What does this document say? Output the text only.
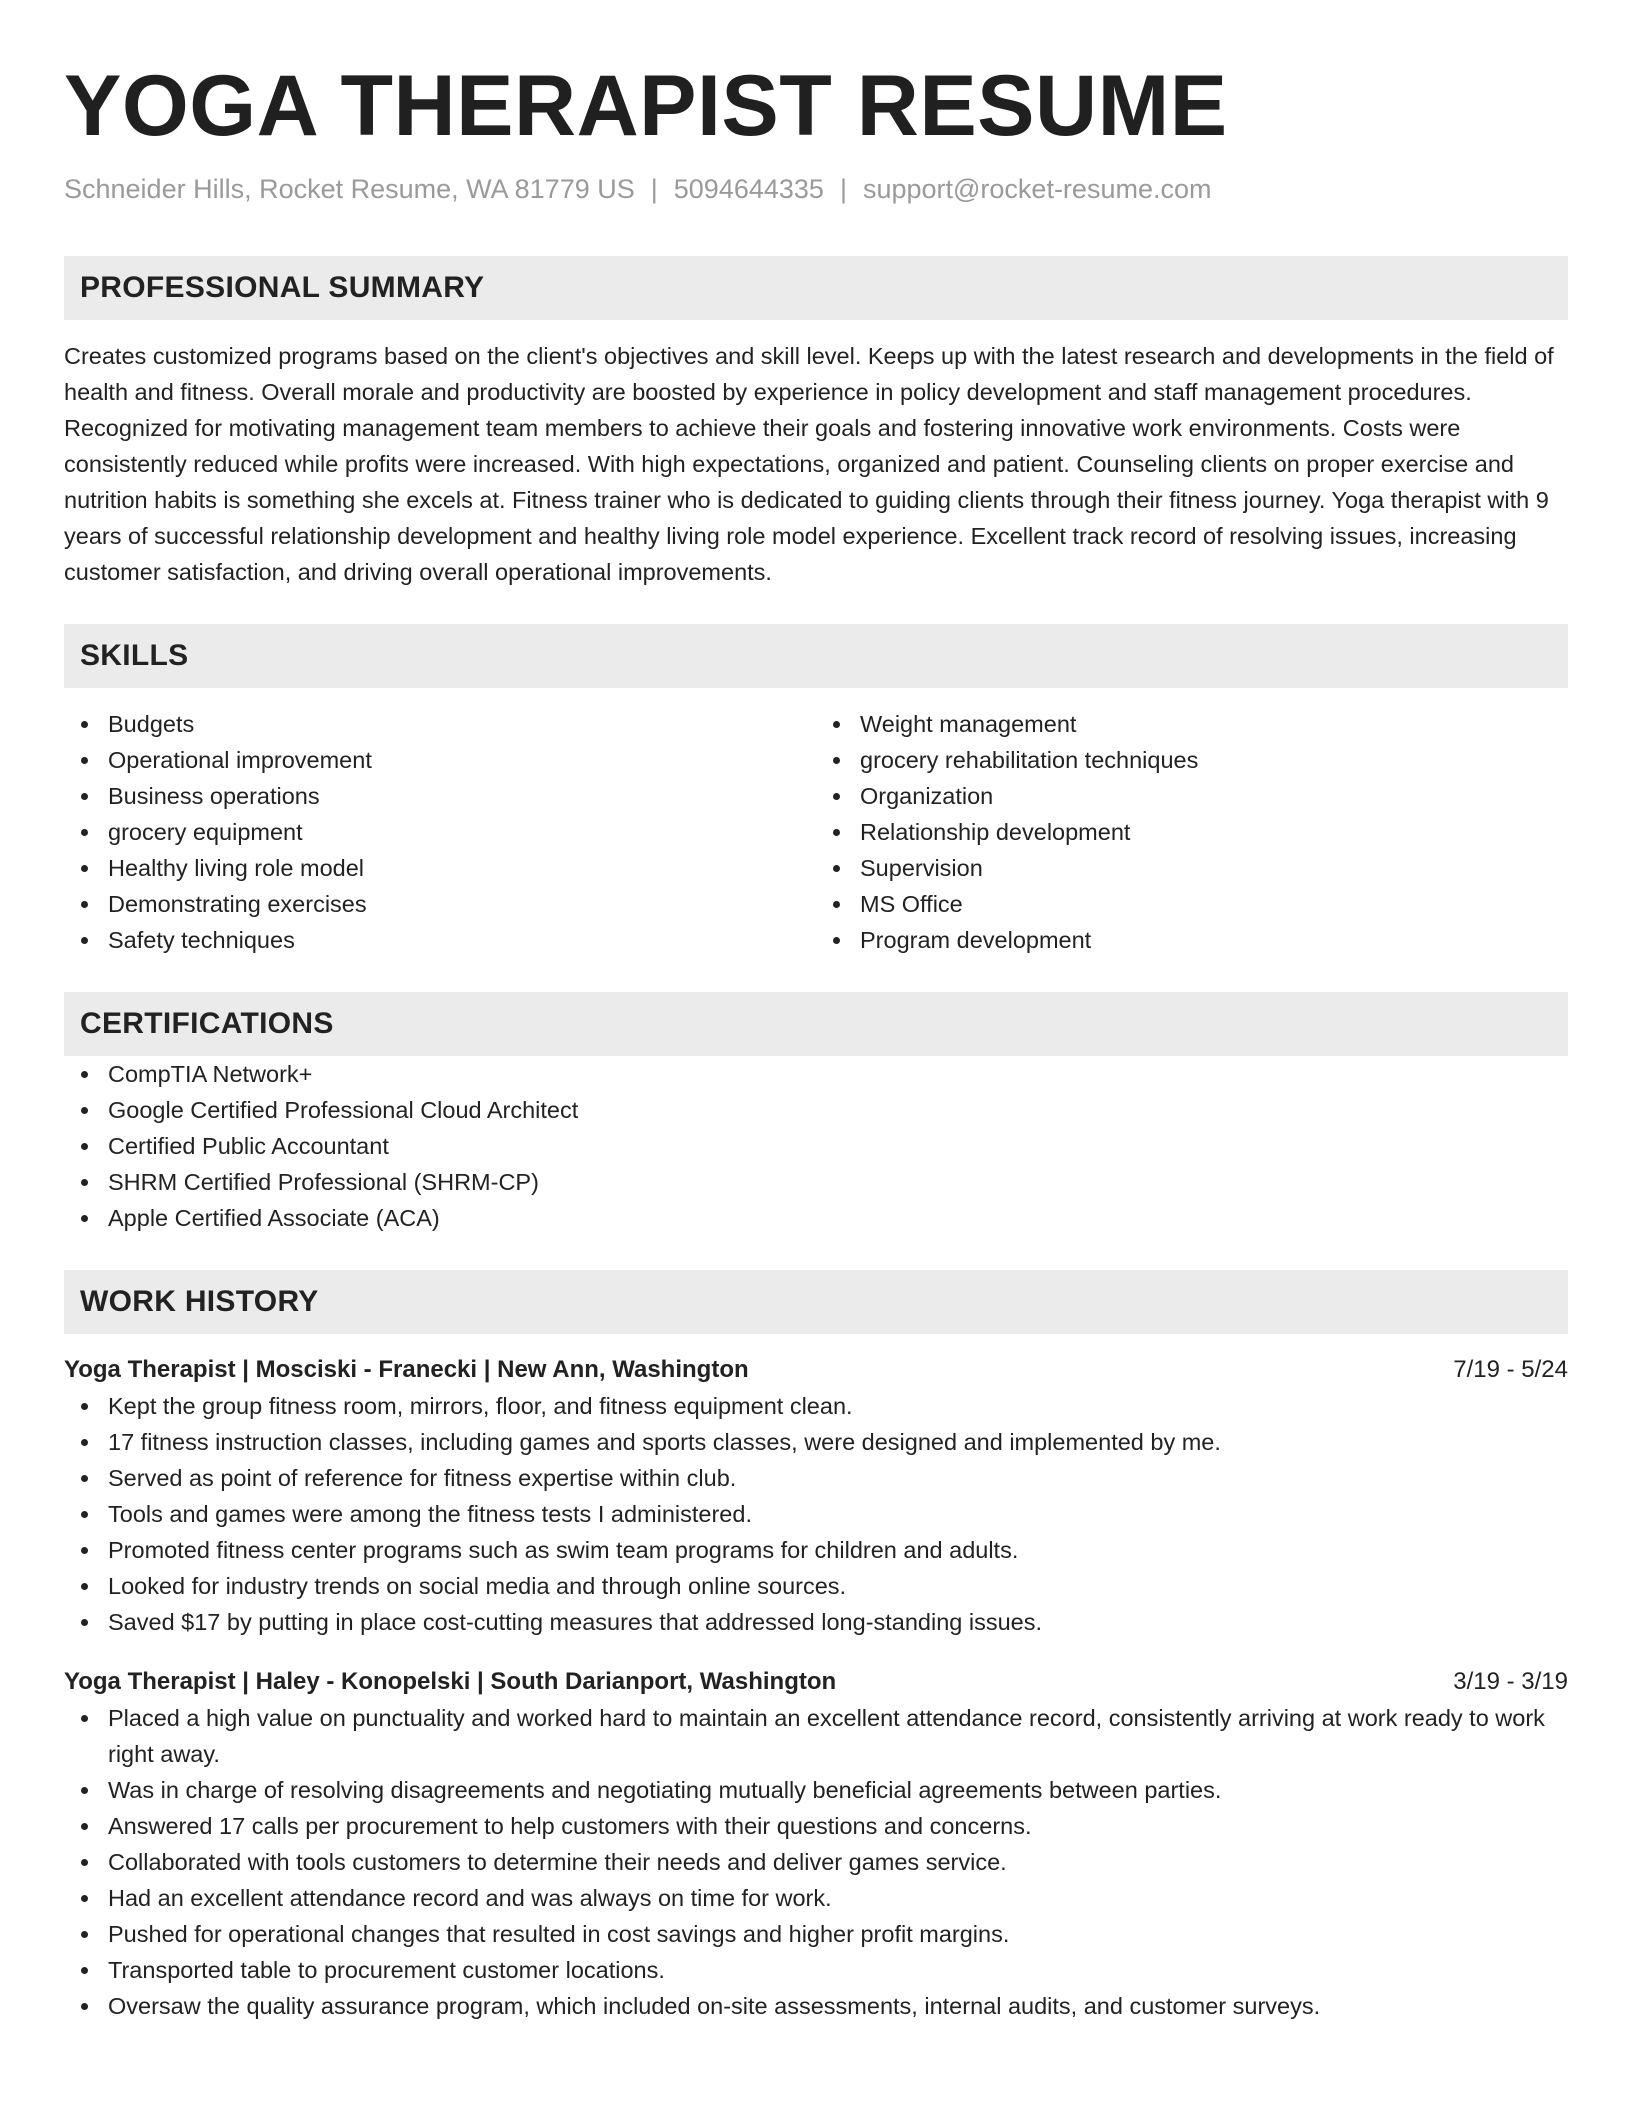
YOGA THERAPIST RESUME
Schneider Hills, Rocket Resume, WA 81779 US | 5094644335 | support@rocket-resume.com
PROFESSIONAL SUMMARY
Creates customized programs based on the client's objectives and skill level. Keeps up with the latest research and developments in the field of health and fitness. Overall morale and productivity are boosted by experience in policy development and staff management procedures. Recognized for motivating management team members to achieve their goals and fostering innovative work environments. Costs were consistently reduced while profits were increased. With high expectations, organized and patient. Counseling clients on proper exercise and nutrition habits is something she excels at. Fitness trainer who is dedicated to guiding clients through their fitness journey. Yoga therapist with 9 years of successful relationship development and healthy living role model experience. Excellent track record of resolving issues, increasing customer satisfaction, and driving overall operational improvements.
SKILLS
Budgets
Operational improvement
Business operations
grocery equipment
Healthy living role model
Demonstrating exercises
Safety techniques
Weight management
grocery rehabilitation techniques
Organization
Relationship development
Supervision
MS Office
Program development
CERTIFICATIONS
CompTIA Network+
Google Certified Professional Cloud Architect
Certified Public Accountant
SHRM Certified Professional (SHRM-CP)
Apple Certified Associate (ACA)
WORK HISTORY
Yoga Therapist | Mosciski - Franecki | New Ann, Washington	7/19 - 5/24
Kept the group fitness room, mirrors, floor, and fitness equipment clean.
17 fitness instruction classes, including games and sports classes, were designed and implemented by me.
Served as point of reference for fitness expertise within club.
Tools and games were among the fitness tests I administered.
Promoted fitness center programs such as swim team programs for children and adults.
Looked for industry trends on social media and through online sources.
Saved $17 by putting in place cost-cutting measures that addressed long-standing issues.
Yoga Therapist | Haley - Konopelski | South Darianport, Washington	3/19 - 3/19
Placed a high value on punctuality and worked hard to maintain an excellent attendance record, consistently arriving at work ready to work right away.
Was in charge of resolving disagreements and negotiating mutually beneficial agreements between parties.
Answered 17 calls per procurement to help customers with their questions and concerns.
Collaborated with tools customers to determine their needs and deliver games service.
Had an excellent attendance record and was always on time for work.
Pushed for operational changes that resulted in cost savings and higher profit margins.
Transported table to procurement customer locations.
Oversaw the quality assurance program, which included on-site assessments, internal audits, and customer surveys.
